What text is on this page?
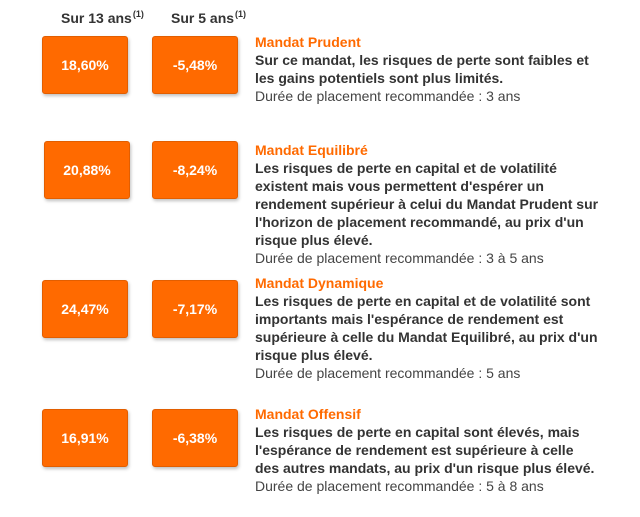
Sur 13 ans$^{(1)}$ Sur 5 ans$^{(1)}$
18,60%	-5,48%
Mandat Prudent
Sur ce mandat, les risques de perte sont faibles et les gains potentiels sont plus limités.
Durée de placement recommandée : 3 ans
20,88%	-8,24%
Mandat Equilibré
Les risques de perte en capital et de volatilité existent mais vous permettent d'espérer un rendement supérieur à celui du Mandat Prudent sur l'horizon de placement recommandé, au prix d'un risque plus élevé.
Durée de placement recommandée : 3 à 5 ans
24,47%	-7,17%
Mandat Dynamique
Les risques de perte en capital et de volatilité sont importants mais l'espérance de rendement est supérieure à celle du Mandat Equilibré, au prix d'un risque plus élevé.
Durée de placement recommandée : 5 ans
16,91%	-6,38%
Mandat Offensif
Les risques de perte en capital sont élevés, mais l'espérance de rendement est supérieure à celle des autres mandats, au prix d'un risque plus élevé.
Durée de placement recommandée : 5 à 8 ans
